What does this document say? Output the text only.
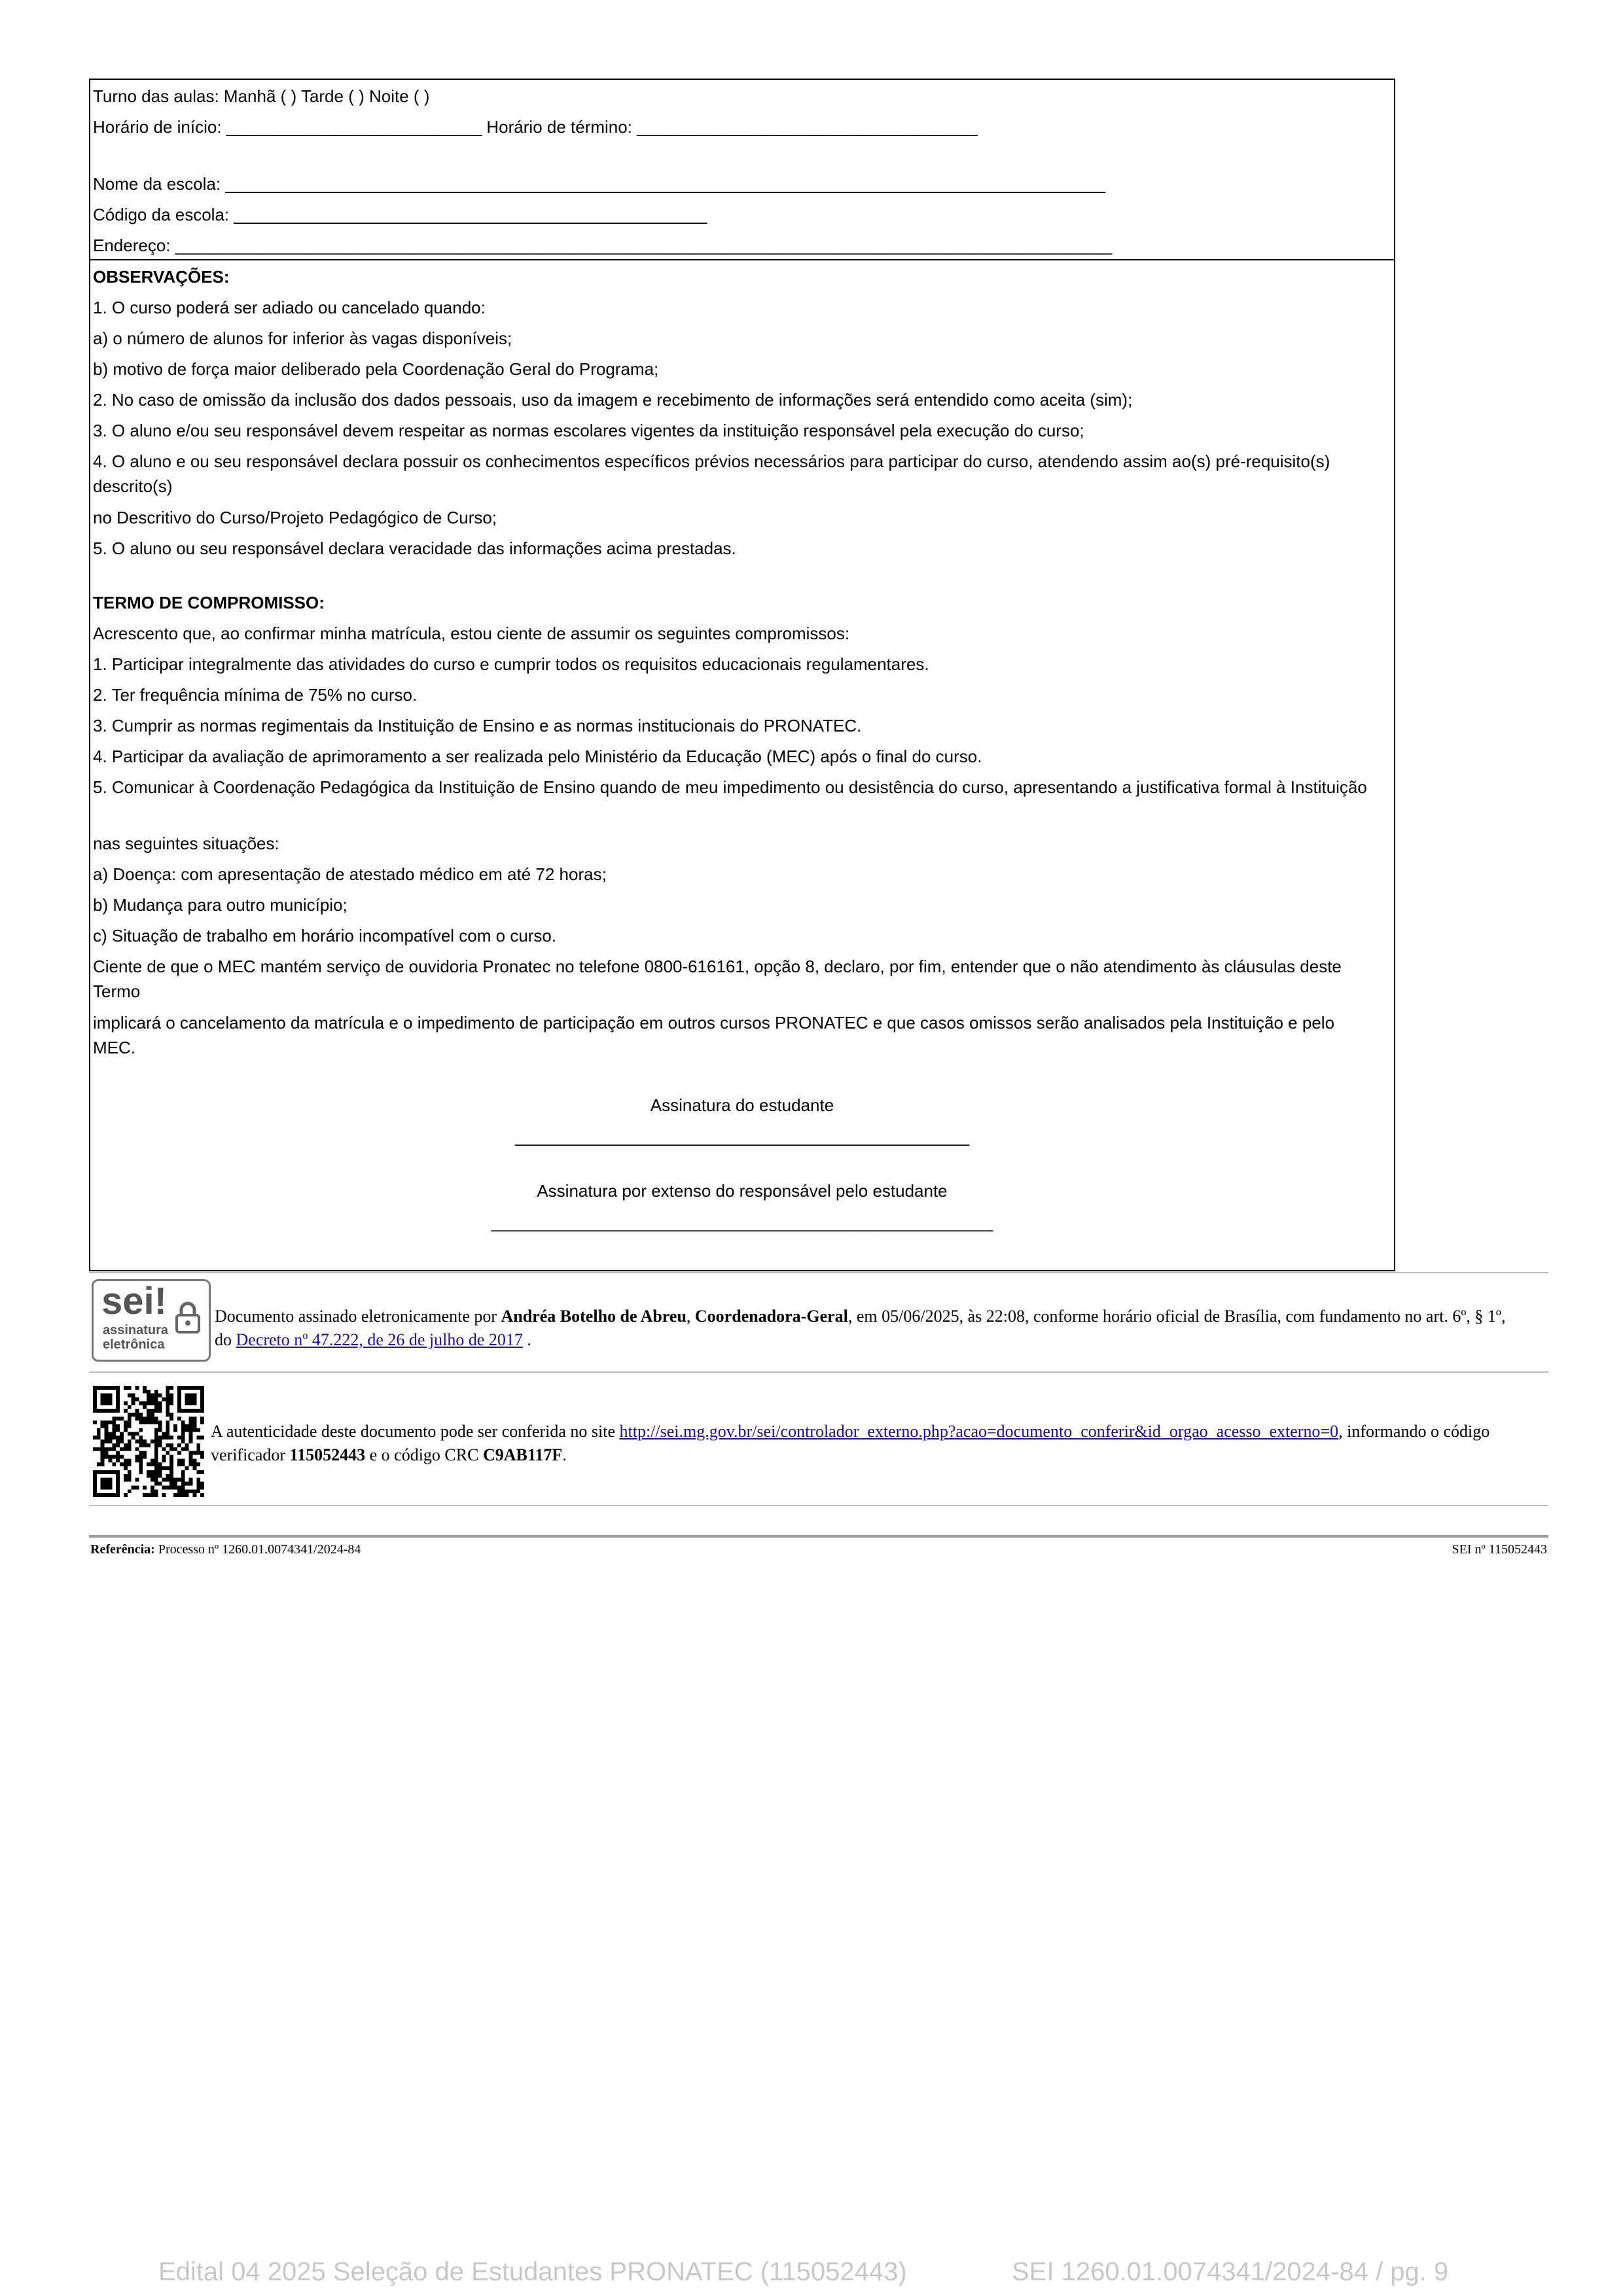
Turno das aulas: Manhã ( ) Tarde ( ) Noite ( )
Horário de início: ___________________________ Horário de término: ____________________________________
Nome da escola: _____________________________________________________________________________________________
Código da escola: __________________________________________________
Endereço: ___________________________________________________________________________________________________
OBSERVAÇÕES:
1. O curso poderá ser adiado ou cancelado quando:
a) o número de alunos for inferior às vagas disponíveis;
b) motivo de força maior deliberado pela Coordenação Geral do Programa;
2. No caso de omissão da inclusão dos dados pessoais, uso da imagem e recebimento de informações será entendido como aceita (sim);
3. O aluno e/ou seu responsável devem respeitar as normas escolares vigentes da instituição responsável pela execução do curso;
4. O aluno e ou seu responsável declara possuir os conhecimentos específicos prévios necessários para participar do curso, atendendo assim ao(s) pré-requisito(s) descrito(s)
no Descritivo do Curso/Projeto Pedagógico de Curso;
5. O aluno ou seu responsável declara veracidade das informações acima prestadas.
TERMO DE COMPROMISSO:
Acrescento que, ao confirmar minha matrícula, estou ciente de assumir os seguintes compromissos:
1. Participar integralmente das atividades do curso e cumprir todos os requisitos educacionais regulamentares.
2. Ter frequência mínima de 75% no curso.
3. Cumprir as normas regimentais da Instituição de Ensino e as normas institucionais do PRONATEC.
4. Participar da avaliação de aprimoramento a ser realizada pelo Ministério da Educação (MEC) após o final do curso.
5. Comunicar à Coordenação Pedagógica da Instituição de Ensino quando de meu impedimento ou desistência do curso, apresentando a justificativa formal à Instituição
nas seguintes situações:
a) Doença: com apresentação de atestado médico em até 72 horas;
b) Mudança para outro município;
c) Situação de trabalho em horário incompatível com o curso.
Ciente de que o MEC mantém serviço de ouvidoria Pronatec no telefone 0800-616161, opção 8, declaro, por fim, entender que o não atendimento às cláusulas deste Termo
implicará o cancelamento da matrícula e o impedimento de participação em outros cursos PRONATEC e que casos omissos serão analisados pela Instituição e pelo MEC.
Assinatura do estudante
________________________________________________
Assinatura por extenso do responsável pelo estudante
_____________________________________________________
sei!
assinatura
eletrônica
Documento assinado eletronicamente por Andréa Botelho de Abreu, Coordenadora-Geral, em 05/06/2025, às 22:08, conforme horário oficial de Brasília, com fundamento no art. 6º, § 1º, do Decreto nº 47.222, de 26 de julho de 2017 .
A autenticidade deste documento pode ser conferida no site http://sei.mg.gov.br/sei/controlador_externo.php?acao=documento_conferir&id_orgao_acesso_externo=0, informando o código verificador 115052443 e o código CRC C9AB117F.
Referência: Processo nº 1260.01.0074341/2024-84	SEI nº 115052443
Edital 04 2025 Seleção de Estudantes PRONATEC (115052443)	SEI 1260.01.0074341/2024-84 / pg. 9
